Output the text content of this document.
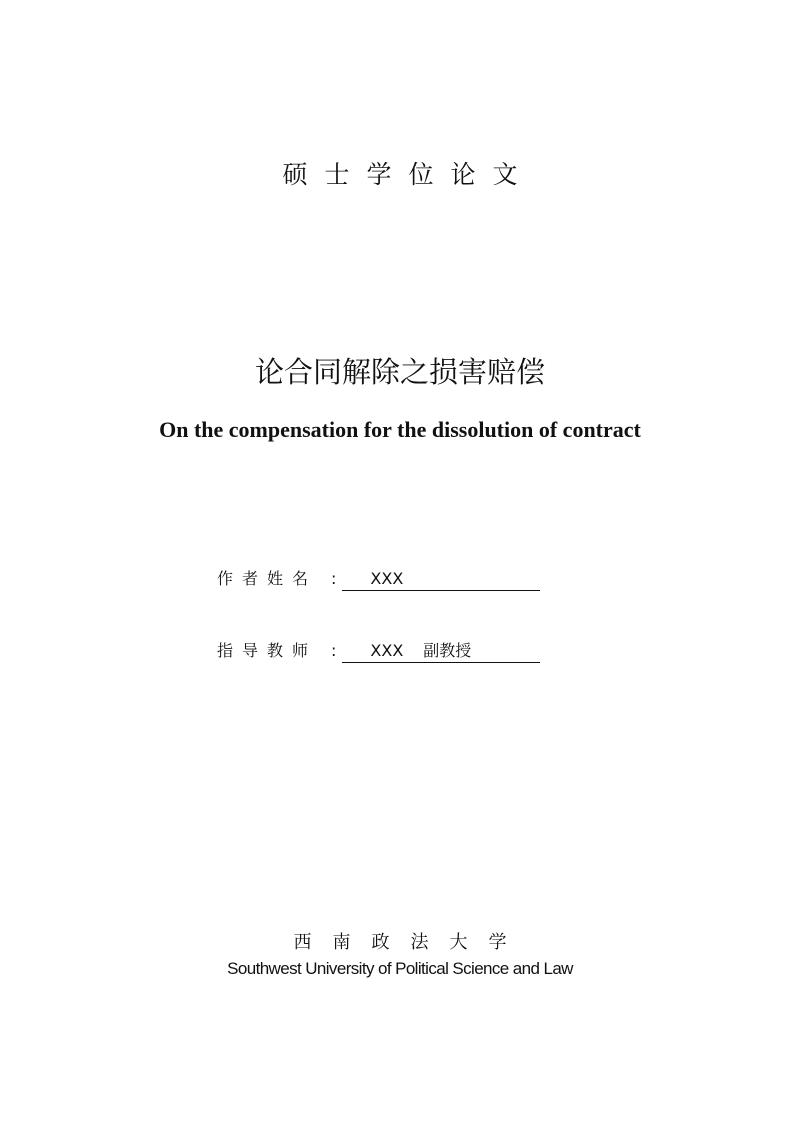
硕士学位论文
论合同解除之损害赔偿
On the compensation for the dissolution of contract
作者姓名 :	XXX
指导教师 :	XXX 副教授
西南政法大学
Southwest University of Political Science and Law
